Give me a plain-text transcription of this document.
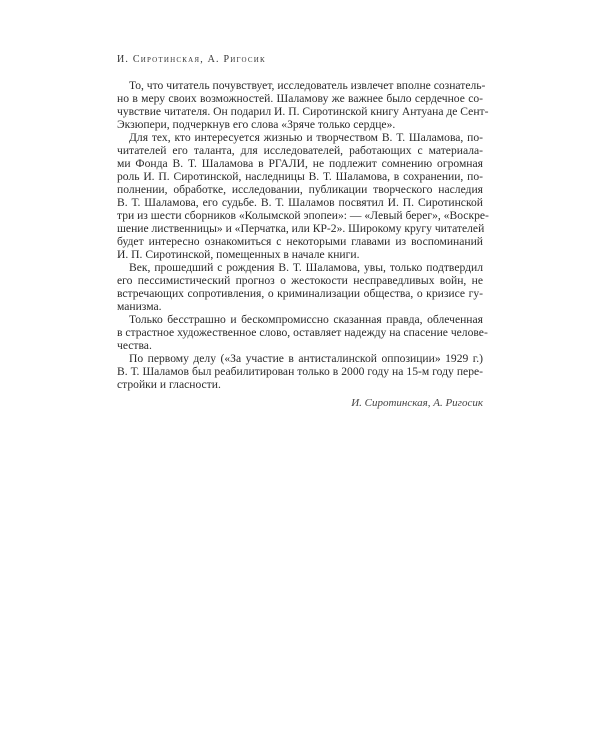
И. Сиротинская, А. Ригосик
То, что читатель почувствует, исследователь извлечет вполне сознатель-
но в меру своих возможностей. Шаламову же важнее было сердечное со-
чувствие читателя. Он подарил И. П. Сиротинской книгу Антуана де Сент-
Экзюпери, подчеркнув его слова «Зряче только сердце».
Для тех, кто интересуется жизнью и творчеством В. Т. Шаламова, по-
читателей его таланта, для исследователей, работающих с материала-
ми Фонда В. Т. Шаламова в РГАЛИ, не подлежит сомнению огромная
роль И. П. Сиротинской, наследницы В. Т. Шаламова, в сохранении, по-
полнении, обработке, исследовании, публикации творческого наследия
В. Т. Шаламова, его судьбе. В. Т. Шаламов посвятил И. П. Сиротинской
три из шести сборников «Колымской эпопеи»: — «Левый берег», «Воскре-
шение лиственницы» и «Перчатка, или КР-2». Широкому кругу читателей
будет интересно ознакомиться с некоторыми главами из воспоминаний
И. П. Сиротинской, помещенных в начале книги.
Век, прошедший с рождения В. Т. Шаламова, увы, только подтвердил
его пессимистический прогноз о жестокости несправедливых войн, не
встречающих сопротивления, о криминализации общества, о кризисе гу-
манизма.
Только бесстрашно и бескомпромиссно сказанная правда, облеченная
в страстное художественное слово, оставляет надежду на спасение челове-
чества.
По первому делу («За участие в антисталинской оппозиции» 1929 г.)
В. Т. Шаламов был реабилитирован только в 2000 году на 15-м году пере-
стройки и гласности.
И. Сиротинская, А. Ригосик
